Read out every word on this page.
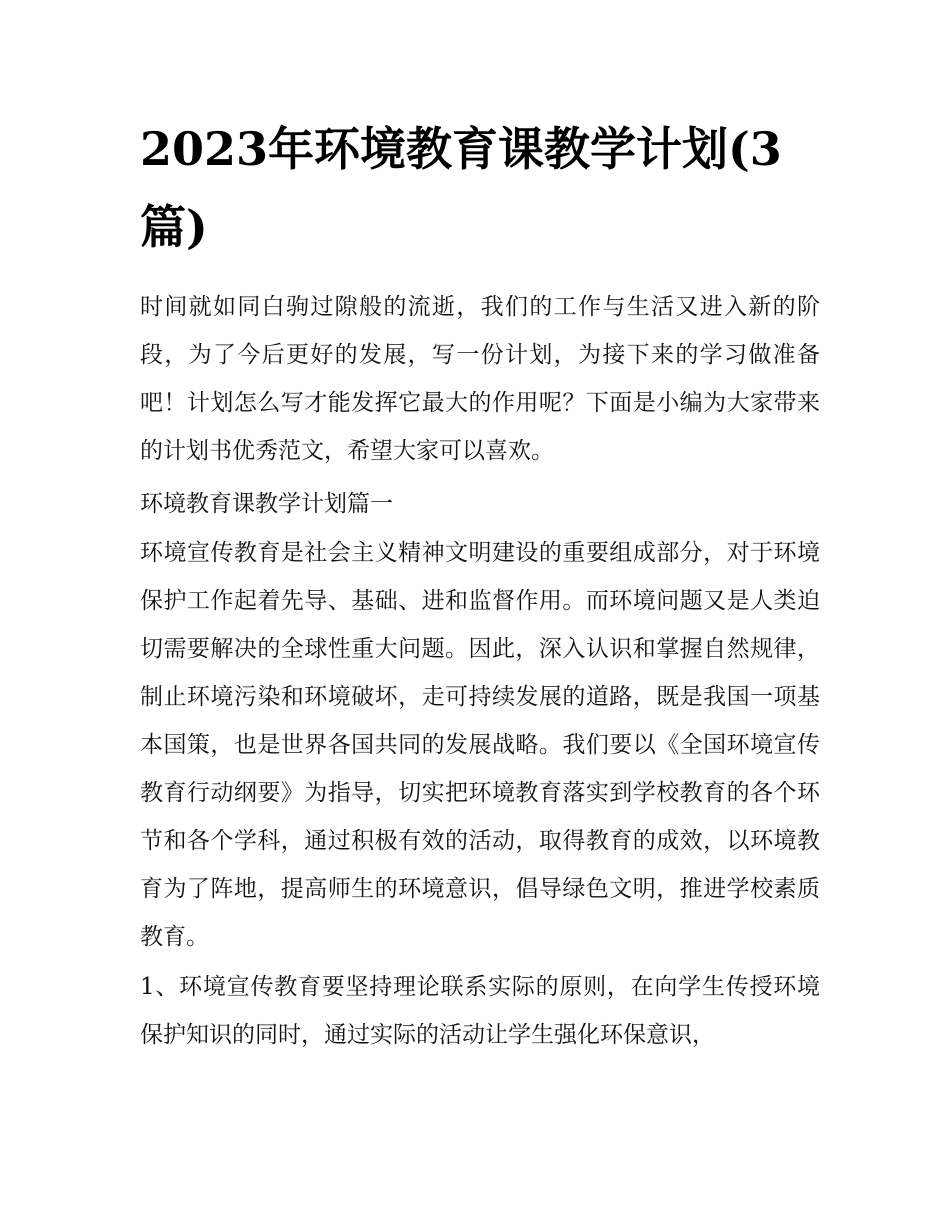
2023年环境教育课教学计划(3篇)

时间就如同白驹过隙般的流逝，我们的工作与生活又进入新的阶段，为了今后更好的发展，写一份计划，为接下来的学习做准备吧！计划怎么写才能发挥它最大的作用呢？下面是小编为大家带来的计划书优秀范文，希望大家可以喜欢。

环境教育课教学计划篇一

环境宣传教育是社会主义精神文明建设的重要组成部分，对于环境保护工作起着先导、基础、进和监督作用。而环境问题又是人类迫切需要解决的全球性重大问题。因此，深入认识和掌握自然规律，制止环境污染和环境破坏，走可持续发展的道路，既是我国一项基本国策，也是世界各国共同的发展战略。我们要以《全国环境宣传教育行动纲要》为指导，切实把环境教育落实到学校教育的各个环节和各个学科，通过积极有效的活动，取得教育的成效，以环境教育为了阵地，提高师生的环境意识，倡导绿色文明，推进学校素质教育。

1、环境宣传教育要坚持理论联系实际的原则，在向学生传授环境保护知识的同时，通过实际的活动让学生强化环保意识，
